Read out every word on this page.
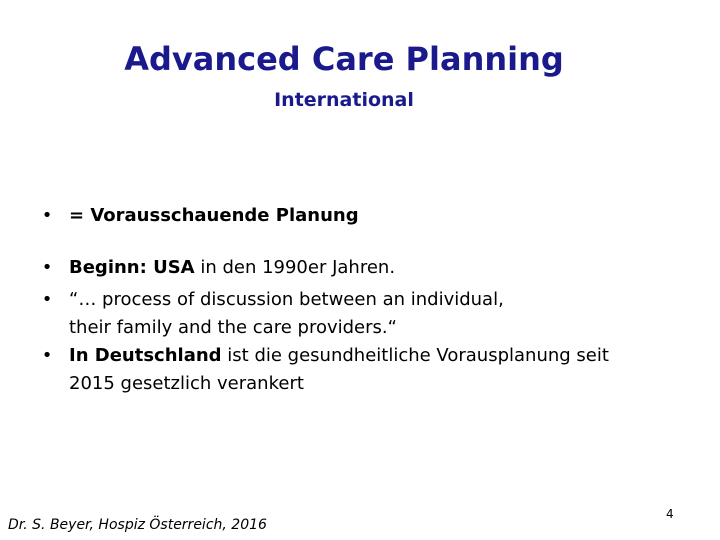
Advanced Care Planning
International
• = Vorausschauende Planung
• Beginn: USA in den 1990er Jahren.
• “… process of discussion between an individual,
their family and the care providers.“
• In Deutschland ist die gesundheitliche Vorausplanung seit
2015 gesetzlich verankert
Dr. S. Beyer, Hospiz Österreich, 2016
4
